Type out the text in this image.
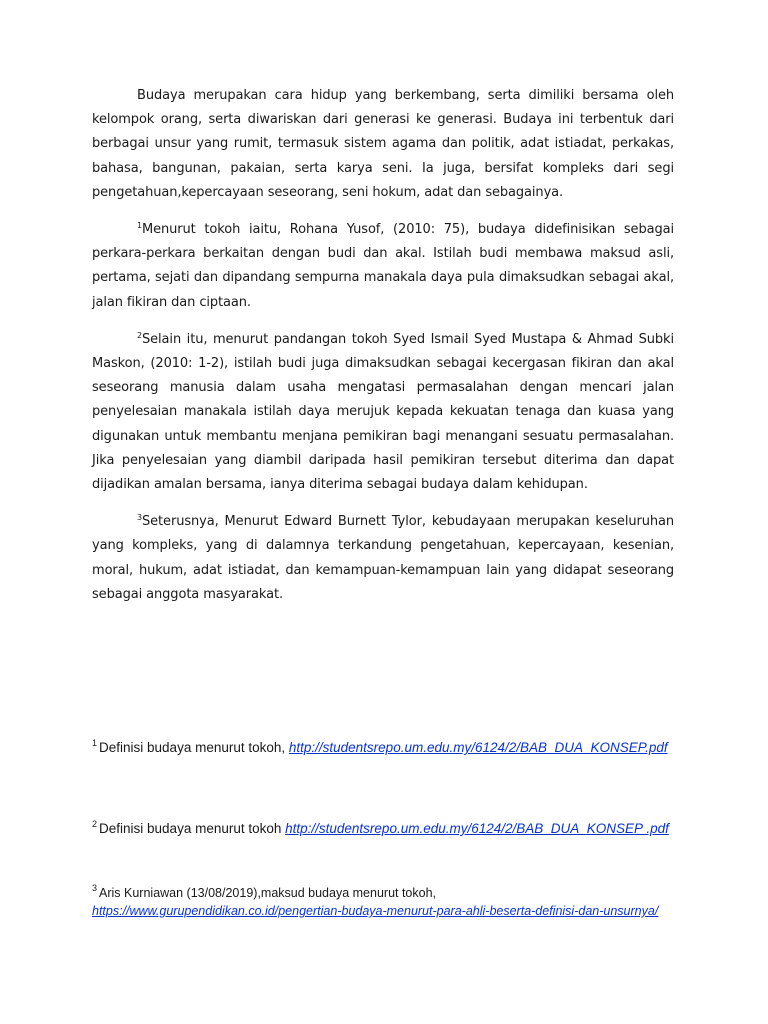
Budaya merupakan cara hidup yang berkembang, serta dimiliki bersama oleh kelompok orang, serta diwariskan dari generasi ke generasi. Budaya ini terbentuk dari berbagai unsur yang rumit, termasuk sistem agama dan politik, adat istiadat, perkakas, bahasa, bangunan, pakaian, serta karya seni. Ia juga, bersifat kompleks dari segi pengetahuan,kepercayaan seseorang, seni hokum, adat dan sebagainya.

$^1$Menurut tokoh iaitu, Rohana Yusof, (2010: 75), budaya didefinisikan sebagai perkara-perkara berkaitan dengan budi dan akal. Istilah budi membawa maksud asli, pertama, sejati dan dipandang sempurna manakala daya pula dimaksudkan sebagai akal, jalan fikiran dan ciptaan.

$^2$Selain itu, menurut pandangan tokoh Syed Ismail Syed Mustapa & Ahmad Subki Maskon, (2010: 1-2), istilah budi juga dimaksudkan sebagai kecergasan fikiran dan akal seseorang manusia dalam usaha mengatasi permasalahan dengan mencari jalan penyelesaian manakala istilah daya merujuk kepada kekuatan tenaga dan kuasa yang digunakan untuk membantu menjana pemikiran bagi menangani sesuatu permasalahan. Jika penyelesaian yang diambil daripada hasil pemikiran tersebut diterima dan dapat dijadikan amalan bersama, ianya diterima sebagai budaya dalam kehidupan.

$^3$Seterusnya, Menurut Edward Burnett Tylor, kebudayaan merupakan keseluruhan yang kompleks, yang di dalamnya terkandung pengetahuan, kepercayaan, kesenian, moral, hukum, adat istiadat, dan kemampuan-kemampuan lain yang didapat seseorang sebagai anggota masyarakat.

$^1$ Definisi budaya menurut tokoh, http://studentsrepo.um.edu.my/6124/2/BAB_DUA_KONSEP.pdf
$^2$ Definisi budaya menurut tokoh http://studentsrepo.um.edu.my/6124/2/BAB_DUA_KONSEP .pdf
$^3$ Aris Kurniawan (13/08/2019),maksud budaya menurut tokoh,
https://www.gurupendidikan.co.id/pengertian-budaya-menurut-para-ahli-beserta-definisi-dan-unsurnya/
